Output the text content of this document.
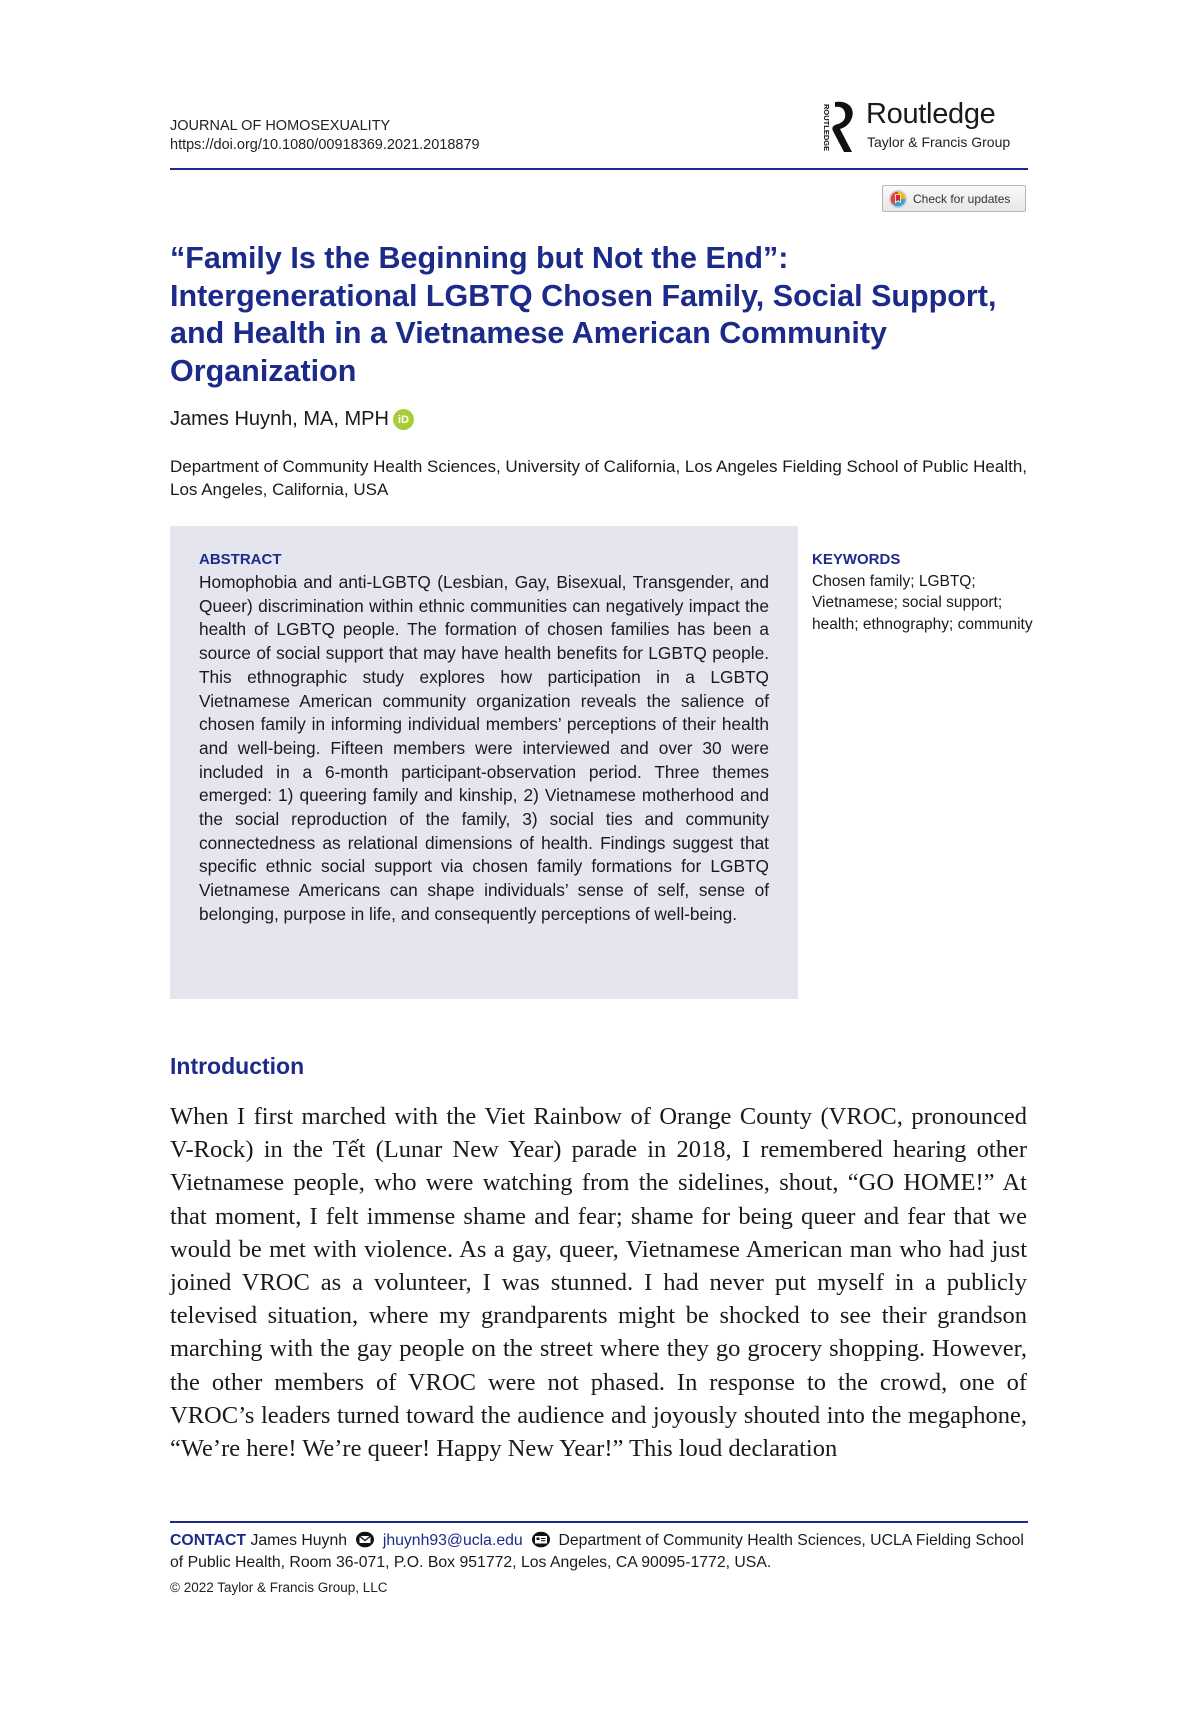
JOURNAL OF HOMOSEXUALITY
https://doi.org/10.1080/00918369.2021.2018879	ROUTLEDGE Routledge
Taylor & Francis Group
Check for updates
“Family Is the Beginning but Not the End”: Intergenerational LGBTQ Chosen Family, Social Support, and Health in a Vietnamese American Community Organization
James Huynh, MA, MPH iD
Department of Community Health Sciences, University of California, Los Angeles Fielding School of Public Health, Los Angeles, California, USA
ABSTRACT
Homophobia and anti-LGBTQ (Lesbian, Gay, Bisexual, Transgender, and Queer) discrimination within ethnic communities can negatively impact the health of LGBTQ people. The formation of chosen families has been a source of social support that may have health benefits for LGBTQ people. This ethnographic study explores how participation in a LGBTQ Vietnamese American community organization reveals the salience of chosen family in informing individual members’ perceptions of their health and well-being. Fifteen members were interviewed and over 30 were included in a 6-month participant-observation period. Three themes emerged: 1) queering family and kinship, 2) Vietnamese motherhood and the social reproduction of the family, 3) social ties and community connectedness as relational dimensions of health. Findings suggest that specific ethnic social support via chosen family formations for LGBTQ Vietnamese Americans can shape individuals’ sense of self, sense of belonging, purpose in life, and consequently perceptions of well-being.
KEYWORDS
Chosen family; LGBTQ; Vietnamese; social support; health; ethnography; community
Introduction
When I first marched with the Viet Rainbow of Orange County (VROC, pronounced V-Rock) in the Tết (Lunar New Year) parade in 2018, I remembered hearing other Vietnamese people, who were watching from the sidelines, shout, “GO HOME!” At that moment, I felt immense shame and fear; shame for being queer and fear that we would be met with violence. As a gay, queer, Vietnamese American man who had just joined VROC as a volunteer, I was stunned. I had never put myself in a publicly televised situation, where my grandparents might be shocked to see their grandson marching with the gay people on the street where they go grocery shopping. However, the other members of VROC were not phased. In response to the crowd, one of VROC’s leaders turned toward the audience and joyously shouted into the megaphone, “We’re here! We’re queer! Happy New Year!” This loud declaration
CONTACT James Huynh jhuynh93@ucla.edu Department of Community Health Sciences, UCLA Fielding School of Public Health, Room 36-071, P.O. Box 951772, Los Angeles, CA 90095-1772, USA.
© 2022 Taylor & Francis Group, LLC
